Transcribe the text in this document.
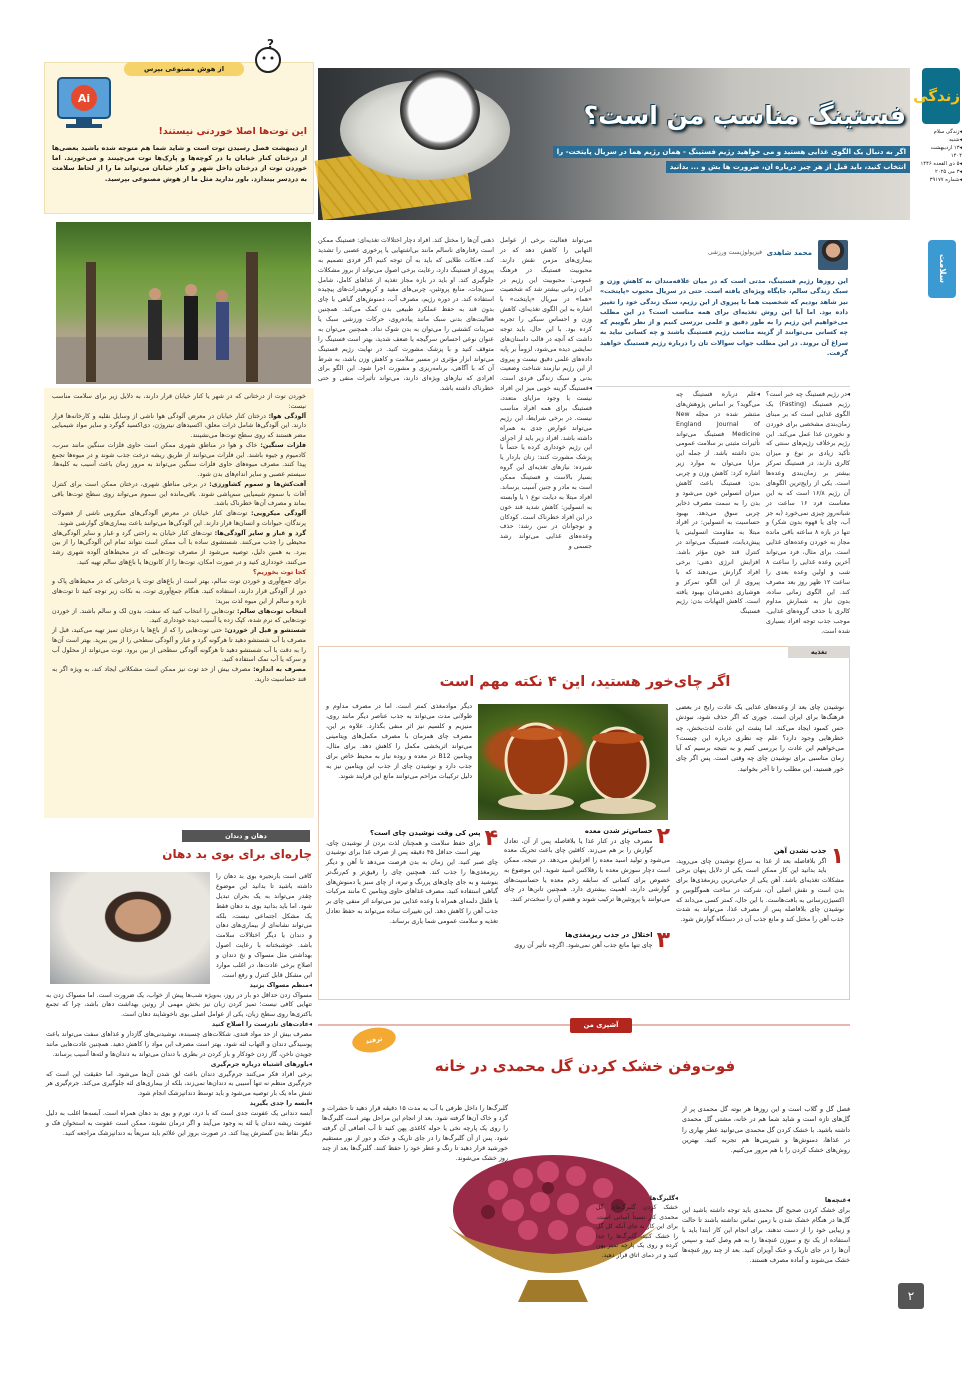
زندگی
◂زندگی سلام
◂شنبه
◂۱۳ اردیبهشت ۱۴۰۴
◂۵ ذی القعده ۱۴۴۶
◂۳ می ۲۰۲۵
◂شماره ۳۹۱۷۷
سلامت
۲
فستینگ مناسب من است؟
اگر به دنبال یک الگوی غذایی هستید و می خواهید رژیم فستینگ - همان رژیم هما در سریال پایتخت- را
انتخاب کنید، باید قبل از هر چیز درباره ان، ضرورت ها بش و ... بدانید
Ai
?
از هوش مصنوعی بپرس
این توت‌ها اصلا خوردنی نیستند!
از دیبهشت فصل رسیدن توت است و شاید شما هم متوجه شده باشید بعضی‌ها از درختان کنار خیابان یا در کوچه‌ها و پارک‌ها توت می‌چینند و می‌خورند. اما خوردن توت از درختان داخل شهر و کنار خیابان می‌تواند ما را از لحاظ سلامت به دردسر بیندازد. باور ندارید مثل ما از هوش مصنوعی بپرسید.

خوردن توت از درختانی که در شهر یا کنار خیابان قرار دارند، به دلایل زیر برای سلامت مناسب نیست:

آلودگی هوا: درختان کنار خیابان در معرض آلودگی هوا ناشی از وسایل نقلیه و کارخانه‌ها قرار دارند. این آلودگی‌ها شامل ذرات معلق، اکسیدهای نیتروژن، دی‌اکسید گوگرد و سایر مواد شیمیایی مضر هستند که روی سطح توت‌ها می‌نشینند.

فلزات سنگین: خاک و هوا در مناطق شهری ممکن است حاوی فلزات سنگین مانند سرب، کادمیوم و جیوه باشند. این فلزات می‌توانند از طریق ریشه درخت جذب شوند و در میوه‌ها تجمع پیدا کنند. مصرف میوه‌های حاوی فلزات سنگین می‌تواند به مرور زمان باعث آسیب به کلیه‌ها، سیستم عصبی و سایر اندام‌های بدن شود.

آفت‌کش‌ها و سموم کشاورزی: در برخی مناطق شهری، درختان ممکن است برای کنترل آفات با سموم شیمیایی سم‌پاشی شوند. باقی‌مانده این سموم می‌تواند روی سطح توت‌ها باقی بماند و مصرف آن‌ها خطرناک باشد.

آلودگی میکروبی: توت‌های کنار خیابان در معرض آلودگی‌های میکروبی ناشی از فضولات پرندگان، حیوانات و انسان‌ها قرار دارند. این آلودگی‌ها می‌توانند باعث بیماری‌های گوارشی شوند.

گرد و غبار و سایر آلودگی‌ها: توت‌های کنار خیابان به راحتی گرد و غبار و سایر آلودگی‌های محیطی را جذب می‌کنند. شستشوی ساده با آب ممکن است نتواند تمام این آلودگی‌ها را از بین ببرد. به همین دلیل، توصیه می‌شود از مصرف توت‌هایی که در محیط‌های آلوده شهری رشد می‌کنند، خودداری کنید و در صورت امکان، توت‌ها را از کانون‌ها یا باغ‌های سالم تهیه کنید.

کجا توت بخوریم؟

برای جمع‌آوری و خوردن توت سالم، بهتر است از باغ‌های توت یا درختانی که در محیط‌های پاک و دور از آلودگی قرار دارند، استفاده کنید. هنگام جمع‌آوری توت، به نکات زیر توجه کنید تا توت‌های تازه و سالم از این میوه لذت ببرید:

انتخاب توت‌های سالم: توت‌هایی را انتخاب کنید که سفت، بدون لک و سالم باشند. از خوردن توت‌هایی که نرم شده، کپک زده یا آسیب دیده خودداری کنید.

شستشو و قبل از خوردن: حتی توت‌هایی را که از باغ‌ها یا درختان تمیز تهیه می‌کنید، قبل از مصرف با آب شستشو دهید تا هرگونه گرد و غبار و آلودگی سطحی را از بین ببرید. بهتر است آن‌ها را به دقت با آب شستشو دهید تا هرگونه آلودگی سطحی از بین برود. توت می‌تواند از محلول آب و سرکه یا آب نمک استفاده کنید.

مصرف به اندازه: مصرف بیش از حد توت نیز ممکن است مشکلاتی ایجاد کند، به ویژه اگر به قند حساسیت دارید.

محمد شاهدی
فیزیولوژیست ورزشی
این روزها رژیم فستینگ، مدتی است که در میان علاقه‌مندان به کاهش وزن و سبک زندگی سالم، جایگاه ویژه‌ای یافته است. حتی در سریال محبوب «پایتخت» نیز شاهد بودیم که شخصیت هما با پیروی از این رژیم، سبک زندگی خود را تغییر داده بود. اما آیا این روش تغذیه‌ای برای همه مناسب است؟ در این مطلب می‌خواهیم این رژیم را به طور دقیق و علمی بررسی کنیم و از نظر بگوییم که چه کسانی می‌توانند از گزینه مناسب رژیم فستینگ باشند و چه کسانی نباید به سراغ آن بروند. در این مطلب جواب سوالات تان را درباره رژیم فستینگ خواهید گرفت.
◂در رژیم فستینگ چه خبر است؟ رژیم فستینگ (Fasting) یک الگوی غذایی است که بر مبنای زمان‌بندی مشخصی برای خوردن و نخوردن غذا عمل می‌کند. این رژیم برخلاف رژیم‌های سنتی که تأکید زیادی بر نوع و میزان کالری دارند، در فستینگ تمرکز بیشتر بر زمان‌بندی وعده‌ها است. یکی از رایج‌ترین الگوهای آن رژیم ۱۶/۸ است که به این معناست فرد ۱۶ ساعت در شبانه‌روز چیزی نمی‌خورد (به جز آب، چای یا قهوه بدون شکر) و تنها در بازه ۸ ساعته باقی مانده مجاز به خوردن وعده‌های غذایی است. برای مثال، فرد می‌تواند آخرین وعده غذایی را ساعت ۸ شب و اولین وعده بعدی را ساعت ۱۲ ظهر روز بعد مصرف کند. این الگوی زمانی ساده، بدون نیاز به شمارش مداوم کالری یا حذف گروه‌های غذایی، موجب جذب توجه افراد بسیاری شده است.
◂علم درباره فستینگ چه می‌گوید؟ بر اساس پژوهش‌های منتشر شده در مجله New England Journal of Medicine فستینگ می‌تواند تأثیرات مثبتی بر سلامت عمومی بدن داشته باشد. از جمله این مزایا می‌توان به موارد زیر اشاره کرد: کاهش وزن و چربی بدن: فستینگ باعث کاهش میزان انسولین خون می‌شود و بدن را به سمت مصرف ذخایر چربی سوق می‌دهد. بهبود حساسیت به انسولین: در افراد مبتلا به مقاومت انسولینی یا پیش‌دیابت، فستینگ می‌تواند در کنترل قند خون مؤثر باشد. افزایش انرژی ذهنی: برخی افراد گزارش می‌دهند که با پیروی از این الگو، تمرکز و هوشیاری ذهنی‌شان بهبود یافته است. کاهش التهابات بدن: رژیم فستینگ
می‌تواند فعالیت برخی از عوامل التهابی را کاهش دهد که در بیماری‌های مزمن نقش دارند. محبوبیت فستینگ در فرهنگ عمومی: محبوبیت این رژیم در ایران زمانی بیشتر شد که شخصیت «هما» در سریال «پایتخت» با اشاره به این الگوی تغذیه‌ای، کاهش وزن و احساس سبکی را تجربه کرده بود. با این حال، باید توجه داشت که آنچه در قالب داستان‌های نمایشی دیده می‌شود، لزوماً بر پایه داده‌های علمی دقیق نیست و پیروی از این رژیم نیازمند شناخت وضعیت بدنی و سبک زندگی فردی است. ◂فستینگ گزینه خوبی میز این افراد نیست با وجود مزایای متعدد، فستینگ برای همه افراد مناسب نیست. در برخی شرایط، این رژیم می‌تواند عوارض جدی به همراه داشته باشد. افراد زیر باید از اجرای این رژیم خودداری کرده یا حتماً با پزشک مشورت کنند: زنان باردار یا شیرده: نیازهای تغذیه‌ای این گروه بسیار بالاست و فستینگ ممکن است به مادر و جنین آسیب برساند. افراد مبتلا به دیابت نوع ۱ یا وابسته به انسولین: کاهش شدید قند خون در این افراد خطرناک است. کودکان و نوجوانان در سن رشد: حذف وعده‌های غذایی می‌تواند رشد جسمی و
ذهنی آن‌ها را مختل کند. افراد دچار اختلالات تغذیه‌ای: فستینگ ممکن است رفتارهای ناسالم مانند بی‌اشتهایی یا پرخوری عصبی را تشدید کند. ◂نکات طلایی که باید به آن توجه کنیم اگر فردی تصمیم به پیروی از فستینگ دارد، رعایت برخی اصول می‌تواند از بروز مشکلات جلوگیری کند. او باید در بازه مجاز تغذیه از غذاهای کامل، شامل سبزیجات، منابع پروتئین، چربی‌های مفید و کربوهیدرات‌های پیچیده استفاده کند. در دوره رژیم، مصرف آب، دمنوش‌های گیاهی یا چای بدون قند به حفظ عملکرد طبیعی بدن کمک می‌کند. همچنین فعالیت‌های بدنی سبک مانند پیاده‌روی، حرکات ورزشی سبک یا تمرینات کششی را می‌توان به بدن شوک نداد. همچنین می‌توان به عنوان نوعی احساس سرگیجه یا ضعف شدید، بهتر است فستینگ را متوقف کنید و با پزشک مشورت کنید. در نهایت رژیم فستینگ می‌تواند ابزار مؤثری در مسیر سلامت و کاهش وزن باشد، به شرط آن که با آگاهی، برنامه‌ریزی و مشورت اجرا شود. این الگو برای افرادی که نیازهای ویژه‌ای دارند، می‌تواند تأثیرات منفی و حتی خطرناک داشته باشد.
تغذیه
اگر چای‌خور هستید، این ۴ نکته مهم است
نوشیدن چای بعد از وعده‌های غذایی یک عادت رایج در بعضی فرهنگ‌ها برای ایران است. جوری که اگر حذف شود، نبودش حس کمبود ایجاد می‌کند. اما پشت این عادت لذت‌بخش، چه خطرهایی وجود دارد؟ علم چه نظری درباره این چیست؟ می‌خواهیم این عادت را بررسی کنیم و به نتیجه برسیم که آیا زمان مناسبی برای نوشیدن چای چه وقتی است. پس اگر چای خور هستید، این مطلب را تا آخر بخوانید.
دیگر موادمغذی کمتر است. اما در مصرف مداوم و طولانی مدت می‌تواند به جذب عناصر دیگر مانند روی، منیزیم و کلسیم نیز اثر منفی بگذارد. علاوه بر این، مصرف چای همزمان با مصرف مکمل‌های ویتامینی می‌تواند اثربخشی مکمل را کاهش دهد. برای مثال، ویتامین B12 در معده و روده نیاز به محیط خاص برای جذب دارد و نوشیدن چای از جذب این ویتامین نیز به دلیل ترکیبات مزاحم می‌توانند مانع این فرایند شوند.
۱
جذب نشدن آهن
اگر بلافاصله بعد از غذا به سراغ نوشیدن چای می‌روید، باید بدانید این کار ممکن است یکی از دلایل پنهان برخی مشکلات تغذیه‌ای باشد. آهن یکی از حیاتی‌ترین ریزمغذی‌ها برای بدن است و نقش اصلی آن، شرکت در ساخت هموگلوبین و اکسیژن‌رسانی به بافت‌هاست. با این حال، کمتر کسی می‌داند که نوشیدن چای بلافاصله پس از مصرف غذا، می‌تواند به شدت جذب آهن را مختل کند و مانع جذب آن در دستگاه گوارش شود.
۲
حساس‌تر شدن معده
مصرف چای در کنار غذا یا بلافاصله پس از آن، تعادل گوارش را بر هم می‌زند. کافئین چای باعث تحریک معده می‌شود و تولید اسید معده را افزایش می‌دهد. در نتیجه، ممکن است دچار سوزش معده یا رفلاکس اسید شوید. این موضوع به خصوص برای کسانی که سابقه زخم معده یا حساسیت‌های گوارشی دارند، اهمیت بیشتری دارد. همچنین تانن‌ها در چای می‌توانند با پروتئین‌ها ترکیب شوند و هضم آن را سخت‌تر کنند.
۳
اختلال در جذب ریزمغذی‌ها
چای تنها مانع جذب آهن نمی‌شود. اگرچه تأثیر آن روی
۴
پس کی وقت نوشیدن چای است؟
برای حفظ سلامت و همچنان لذت بردن از نوشیدن چای، بهتر است حداقل ۴۵ دقیقه پس از صرف غذا برای نوشیدن چای صبر کنید. این زمان به بدن فرصت می‌دهد تا آهن و دیگر ریزمغذی‌ها را جذب کند. همچنین چای را رقیق‌تر و کم‌رنگ‌تر بنوشید و به جای چای‌های پررنگ و تیره، از چای سبز یا دمنوش‌های گیاهی استفاده کنید. مصرف غذاهای حاوی ویتامین C مانند مرکبات یا فلفل دلمه‌ای همراه با وعده غذایی نیز می‌تواند اثر منفی چای بر جذب آهن را کاهش دهد. این تغییرات ساده می‌تواند به حفظ تعادل تغذیه و سلامت عمومی شما یاری برساند.
دهان و دندان
چاره‌ای برای بوی بد دهان

کافی است بارنجیره بوی بد دهان را داشته باشید تا بدانید این موضوع چقدر می‌تواند به یک بحران تبدیل شود. اما باید بدانید بوی بد دهان فقط یک مشکل اجتماعی نیست، بلکه می‌تواند نشانه‌ای از بیماری‌های دهان و دندان یا دیگر اختلالات سلامت باشد. خوشبختانه با رعایت اصول بهداشتی مثل مسواک و نخ دندان و اصلاح برخی عادت‌ها، در اغلب موارد این مشکل قابل کنترل و رفع است.

◂منظم مسواک بزنید
مسواک زدن حداقل دو بار در روز، به‌ویژه شب‌ها پیش از خواب، یک ضرورت است. اما مسواک زدن به تنهایی کافی نیست؛ تمیز کردن زبان نیز بخش مهمی از روتین بهداشت دهان باشد، چرا که تجمع باکتری‌ها روی سطح زبان، یکی از عوامل اصلی بوی ناخوشایند دهان است.

◂عادت‌های نادرست را اصلاح کنید
مصرف بیش از حد مواد قندی، شکلات‌های چسبنده، نوشیدنی‌های گازدار و غذاهای سفت می‌تواند باعث پوسیدگی دندان و التهاب لثه شود. بهتر است مصرف این مواد را کاهش دهید. همچنین عادت‌هایی مانند جویدن ناخن، گاز زدن خودکار و باز کردن در بطری با دندان می‌تواند به دندان‌ها و لثه‌ها آسیب برساند.

◂باورهای اشتباه درباره جرم‌گیری
برخی افراد فکر می‌کنند جرم‌گیری دندان باعث لق شدن آن‌ها می‌شود. اما حقیقت این است که جرم‌گیری منظم نه تنها آسیبی به دندان‌ها نمی‌زند، بلکه از بیماری‌های لثه جلوگیری می‌کند. جرم‌گیری هر شش ماه یک بار توصیه می‌شود و باید توسط دندانپزشک انجام شود.

◂آبسه را جدی بگیرید
آبسه دندانی یک عفونت جدی است که با درد، تورم و بوی بد دهان همراه است. آبسه‌ها اغلب به دلیل عفونت ریشه دندان یا لثه به وجود می‌آیند و اگر درمان نشوند، ممکن است عفونت به استخوان فک و دیگر نقاط بدن گسترش پیدا کند. در صورت بروز این علائم باید سریعاً به دندانپزشک مراجعه کنید.

آشپزی من
ترفند
فوت‌وفن خشک کردن گل محمدی در خانه
فصل گل و گلاب است و این روزها هر بوته گل محمدی پر از گل‌های تازه است و شاید شما هم در خانه، مشتی گل محمدی داشته باشید. با خشک کردن گل محمدی می‌توانید عطر بهاری را در غذاها، دمنوش‌ها و شیرینی‌ها هم تجربه کنید. بهترین روش‌های خشک کردن را با هم مرور می‌کنیم.
◂غنچه‌ها
برای خشک کردن صحیح گل محمدی باید توجه داشته باشید این گل‌ها در هنگام خشک شدن با زمین تماس نداشته باشند تا حالت و زیبایی خود را از دست ندهند. برای انجام این کار ابتدا باید با استفاده از یک نخ و سوزن غنچه‌ها را به هم وصل کنید و سپس آن‌ها را در جای تاریک و خنک آویزان کنید. بعد از چند روز غنچه‌ها خشک می‌شوند و آماده مصرف هستند.
◂گلبرگ‌ها
خشک کردن گلبرگ‌های گل محمدی کار نسبتاً آسانی است. برای این کار به جای آنکه کل گل را خشک کنید، گلبرگ‌ها را جدا کرده و روی یک پارچه تمیز پهن کنید و در دمای اتاق قرار دهید.
گلبرگ‌ها را داخل ظرفی با آب به مدت ۱۵ دقیقه قرار دهید تا حشرات و گرد و خاک آن‌ها گرفته شود. بعد از انجام این مراحل بهتر است گلبرگ‌ها را روی یک پارچه نخی یا حوله کاغذی پهن کنید تا آب اضافی آن گرفته شود. پس از آن گلبرگ‌ها را در جای تاریک و خنک و دور از نور مستقیم خورشید قرار دهید تا رنگ و عطر خود را حفظ کنند. گلبرگ‌ها بعد از چند روز خشک می‌شوند.
